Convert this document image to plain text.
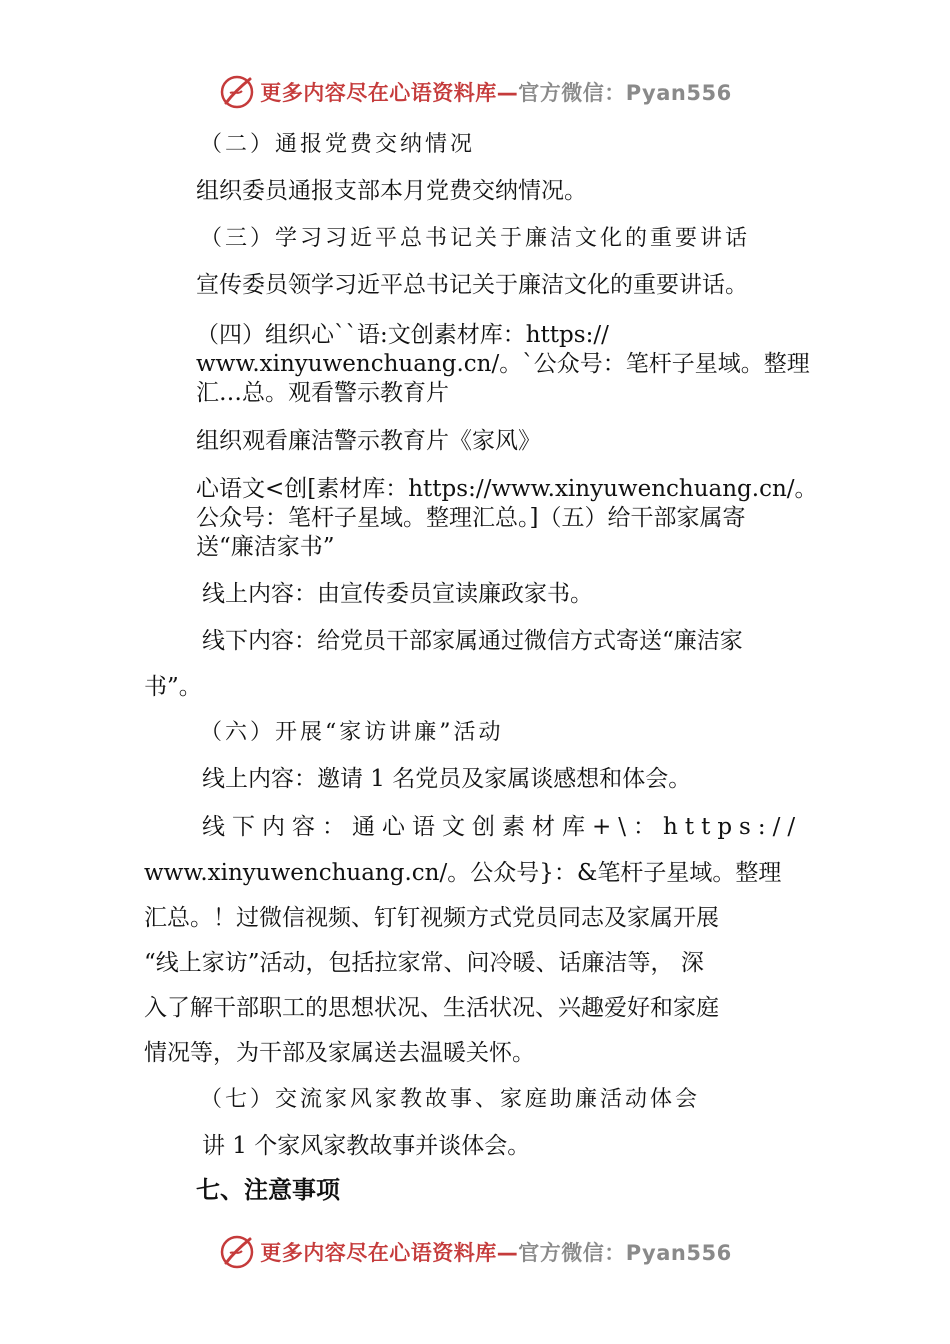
更多内容尽在心语资料库—官方微信：Pyan556
（二）通报党费交纳情况
组织委员通报支部本月党费交纳情况。
（三）学习习近平总书记关于廉洁文化的重要讲话
宣传委员领学习近平总书记关于廉洁文化的重要讲话。
（四）组织心``语:文创素材库：https://
www.xinyuwenchuang.cn/。`公众号：笔杆子星域。整理
汇…总。观看警示教育片
组织观看廉洁警示教育片《家风》
心语文<创[素材库：https://www.xinyuwenchuang.cn/。
公众号：笔杆子星域。整理汇总。]（五）给干部家属寄
送“廉洁家书”
线上内容：由宣传委员宣读廉政家书。
线下内容：给党员干部家属通过微信方式寄送“廉洁家
书”。
（六）开展“家访讲廉”活动
线上内容：邀请 1 名党员及家属谈感想和体会。
线下内容：通心语文创素材库+\：https://
www.xinyuwenchuang.cn/。公众号}：&笔杆子星域。整理
汇总。！过微信视频、钉钉视频方式党员同志及家属开展
“线上家访”活动，包括拉家常、问冷暖、话廉洁等， 深
入了解干部职工的思想状况、生活状况、兴趣爱好和家庭
情况等，为干部及家属送去温暖关怀。
（七）交流家风家教故事、家庭助廉活动体会
讲 1 个家风家教故事并谈体会。
七、注意事项
更多内容尽在心语资料库—官方微信：Pyan556
